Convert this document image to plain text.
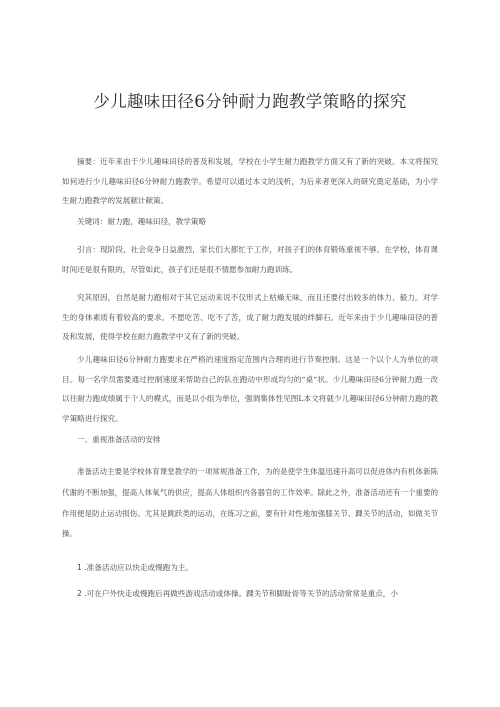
少儿趣味田径6分钟耐力跑教学策略的探究

摘要：近年来由于少儿趣味田径的普及和发展，学校在小学生耐力跑教学方面又有了新的突破。本文将探究如何进行少儿趣味田径6分钟耐力跑教学。希望可以通过本文的浅析，为后来者更深入的研究奠定基础，为小学生耐力跑教学的发展献计献策。

关键词：耐力跑，趣味田径，教学策略

引言：现阶段，社会竞争日益激烈，家长们大都忙于工作，对孩子们的体育锻炼重视不够。在学校，体育课时间还是很有限的，尽管如此，孩子们还是很不情愿参加耐力跑训练。

究其原因，自然是耐力跑相对于其它运动来说不仅形式上枯燥无味，而且还要付出较多的体力、毅力。对学生的身体素质有着较高的要求。不愿吃苦、吃不了苦，成了耐力跑发展的绊脚石。近年来由于少儿趣味田径的普及和发展，使得学校在耐力跑教学中又有了新的突破。

少儿趣味田径6分钟耐力跑要求在严格的速度指定范围内合理的进行节奏控制。这是一个以个人为单位的项目。每一名学员需要通过控制速度来帮助自己的队在跑动中形成均匀的“桌“状。少儿趣味田径6分钟耐力跑一改以往耐力跑成绩属于个人的模式，而是以小组为单位，强调集体性见图L本文将就少儿趣味田径6分钟耐力跑的教学策略进行探究。

一、重视准备活动的安排

准备活动主要是学校体育课堂教学的一项常规准备工作，为的是使学生体温迅速升高可以促进体内有机体新陈代谢的不断加强，提高人体氧气的供应，提高人体组织内各器官的工作效率。除此之外，准备活动还有一个重要的作用便是防止运动损伤。尤其是跳跃类的运动，在练习之前，要有针对性地加强膝关节、踝关节的活动，如做关节操。

1 .准备活动应以快走或慢跑为主。

2 .可在户外快走或慢跑后再做些游戏活动或体操。踝关节和脚趾骨等关节的活动常常是重点，小
